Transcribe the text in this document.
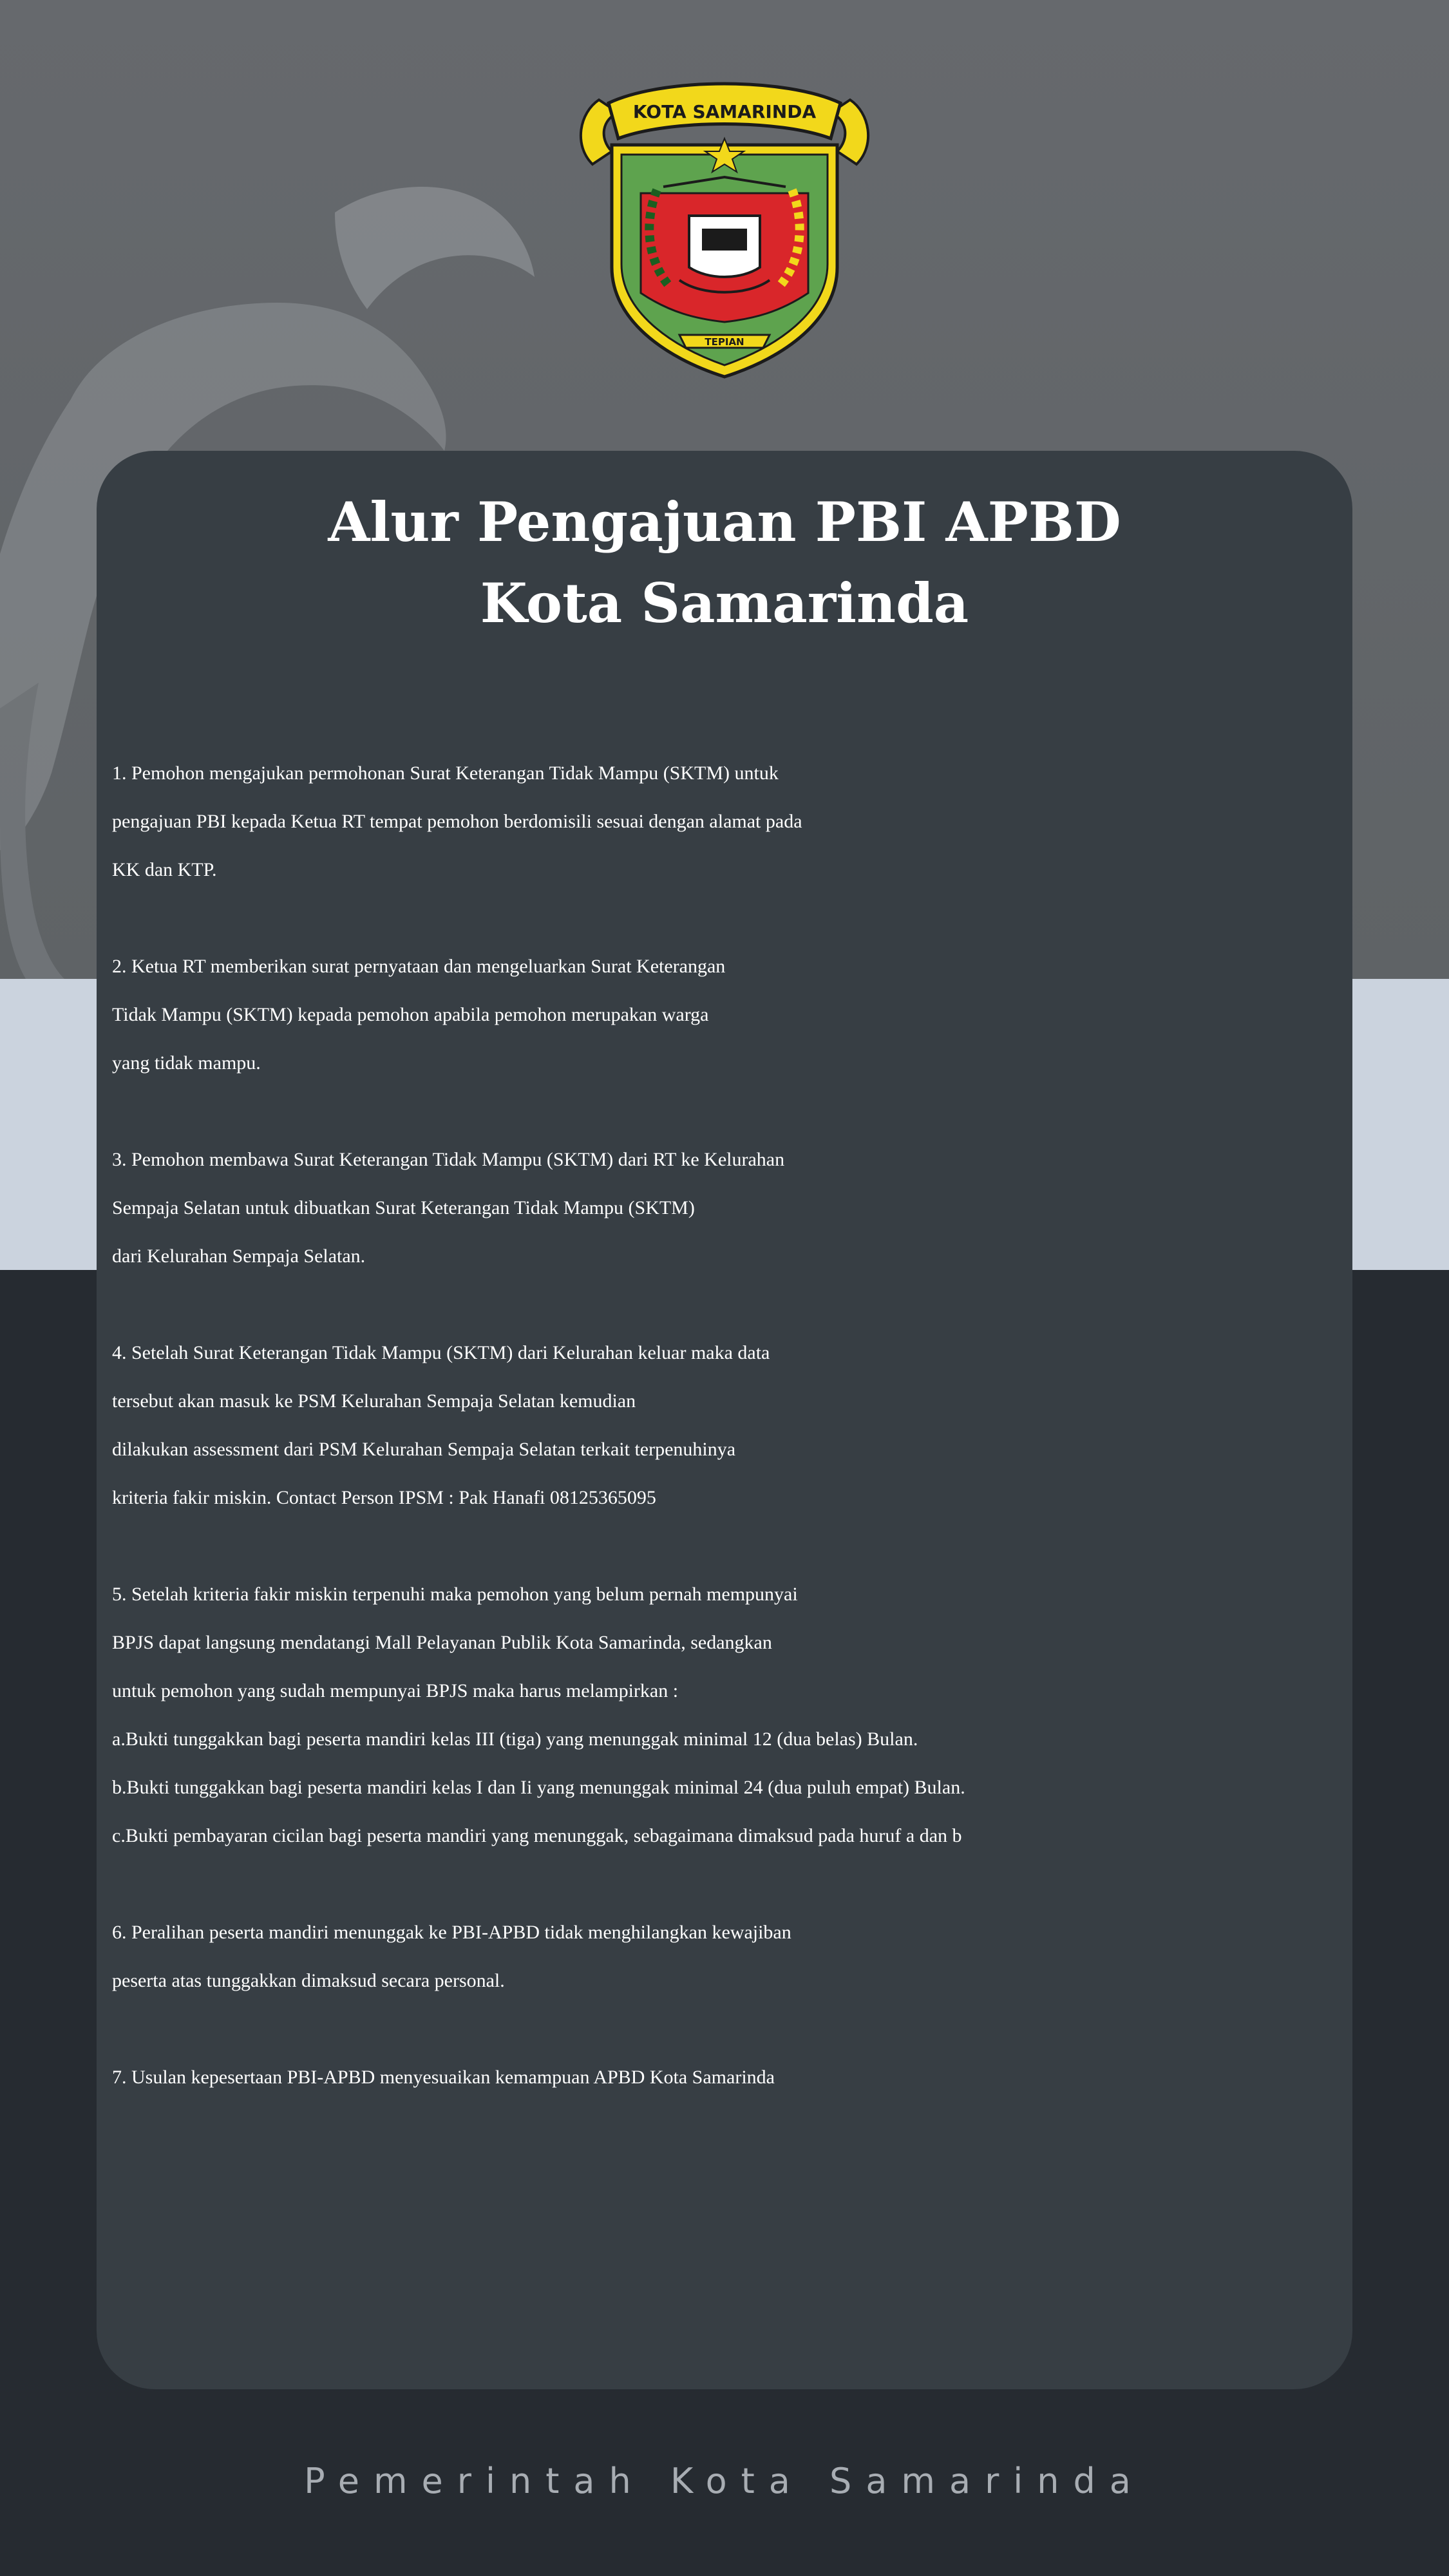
KOTA SAMARINDA
TEPIAN
Alur Pengajuan PBI APBD
Kota Samarinda
1. Pemohon mengajukan permohonan Surat Keterangan Tidak Mampu (SKTM) untuk
pengajuan PBI kepada Ketua RT tempat pemohon berdomisili sesuai dengan alamat pada
KK dan KTP.
2. Ketua RT memberikan surat pernyataan dan mengeluarkan Surat Keterangan
Tidak Mampu (SKTM) kepada pemohon apabila pemohon merupakan warga
yang tidak mampu.
3. Pemohon membawa Surat Keterangan Tidak Mampu (SKTM) dari RT ke Kelurahan
Sempaja Selatan untuk dibuatkan Surat Keterangan Tidak Mampu (SKTM)
dari Kelurahan Sempaja Selatan.
4. Setelah Surat Keterangan Tidak Mampu (SKTM) dari Kelurahan keluar maka data
tersebut akan masuk ke PSM Kelurahan Sempaja Selatan kemudian
dilakukan assessment dari PSM Kelurahan Sempaja Selatan terkait terpenuhinya
kriteria fakir miskin. Contact Person IPSM : Pak Hanafi 08125365095
5. Setelah kriteria fakir miskin terpenuhi maka pemohon yang belum pernah mempunyai
BPJS dapat langsung mendatangi Mall Pelayanan Publik Kota Samarinda, sedangkan
untuk pemohon yang sudah mempunyai BPJS maka harus melampirkan :
a.Bukti tunggakkan bagi peserta mandiri kelas III (tiga) yang menunggak minimal 12 (dua belas) Bulan.
b.Bukti tunggakkan bagi peserta mandiri kelas I dan Ii yang menunggak minimal 24 (dua puluh empat) Bulan.
c.Bukti pembayaran cicilan bagi peserta mandiri yang menunggak, sebagaimana dimaksud pada huruf a dan b
6. Peralihan peserta mandiri menunggak ke PBI-APBD tidak menghilangkan kewajiban
peserta atas tunggakkan dimaksud secara personal.
7. Usulan kepesertaan PBI-APBD menyesuaikan kemampuan APBD Kota Samarinda
Pemerintah Kota Samarinda
